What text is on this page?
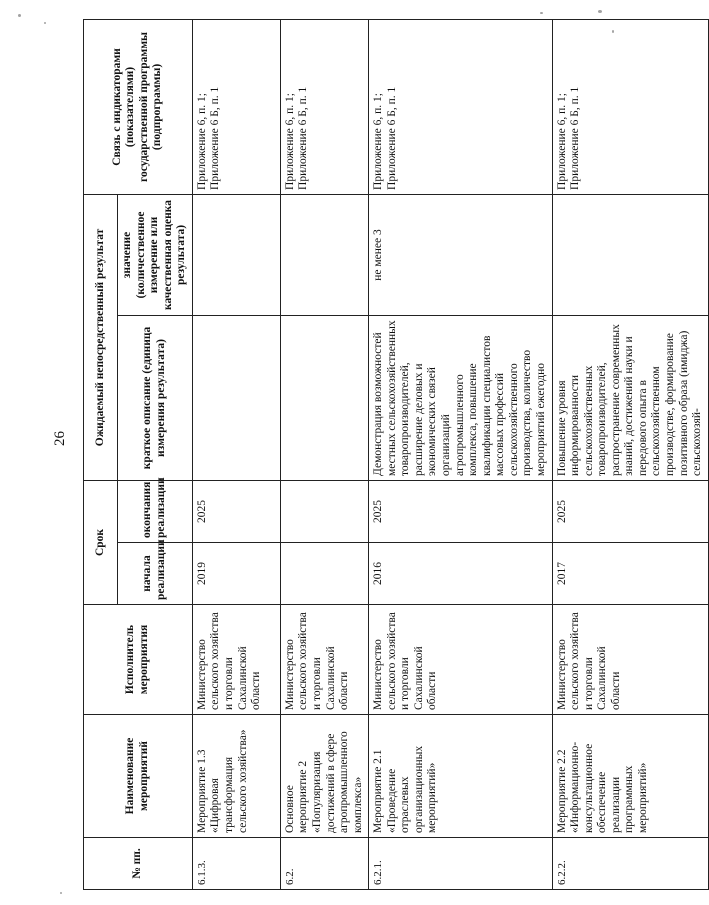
26
№ пп.	Наименование мероприятий	Исполнитель мероприятия	Срок		Ожидаемый непосредственный результат		Связь с индикаторами (показателями) государственной программы (подпрограммы)
			начала реализации	окончания реализации	краткое описание (единица измерения результата)	значение (количественное измерение или качественная оценка результата)	
6.1.3.	Мероприятие 1.3 «Цифровая трансформация сельского хозяйства»	Министерство сельского хозяйства и торговли Сахалинской области	2019	2025			Приложение 6, п. 1; Приложение 6 Б, п. 1

6.2.	Основное мероприятие 2 «Популяризация достижений в сфере агропромышленного комплекса»	Министерство сельского хозяйства и торговли Сахалинской области					Приложение 6, п. 1; Приложение 6 Б, п. 1

6.2.1.	Мероприятие 2.1 «Проведение отраслевых организационных мероприятий»	Министерство сельского хозяйства и торговли Сахалинской области	2016	2025	Демонстрация возможностей местных сельскохозяйственных товаропроизводителей, расширение деловых и экономических связей организаций агропромышленного комплекса, повышение квалификации специалистов массовых профессий сельскохозяйственного производства, количество мероприятий ежегодно	не менее 3	Приложение 6, п. 1; Приложение 6 Б, п. 1

6.2.2.	Мероприятие 2.2 «Информационно-консультационное обеспечение реализации программных мероприятий»	Министерство сельского хозяйства и торговли Сахалинской области	2017	2025	Повышение уровня информированности сельскохозяйственных товаропроизводителей, распространение современных знаний, достижений науки и передового опыта в сельскохозяйственном производстве, формирование позитивного образа (имиджа) сельскохозяй-		Приложение 6, п. 1; Приложение 6 Б, п. 1
